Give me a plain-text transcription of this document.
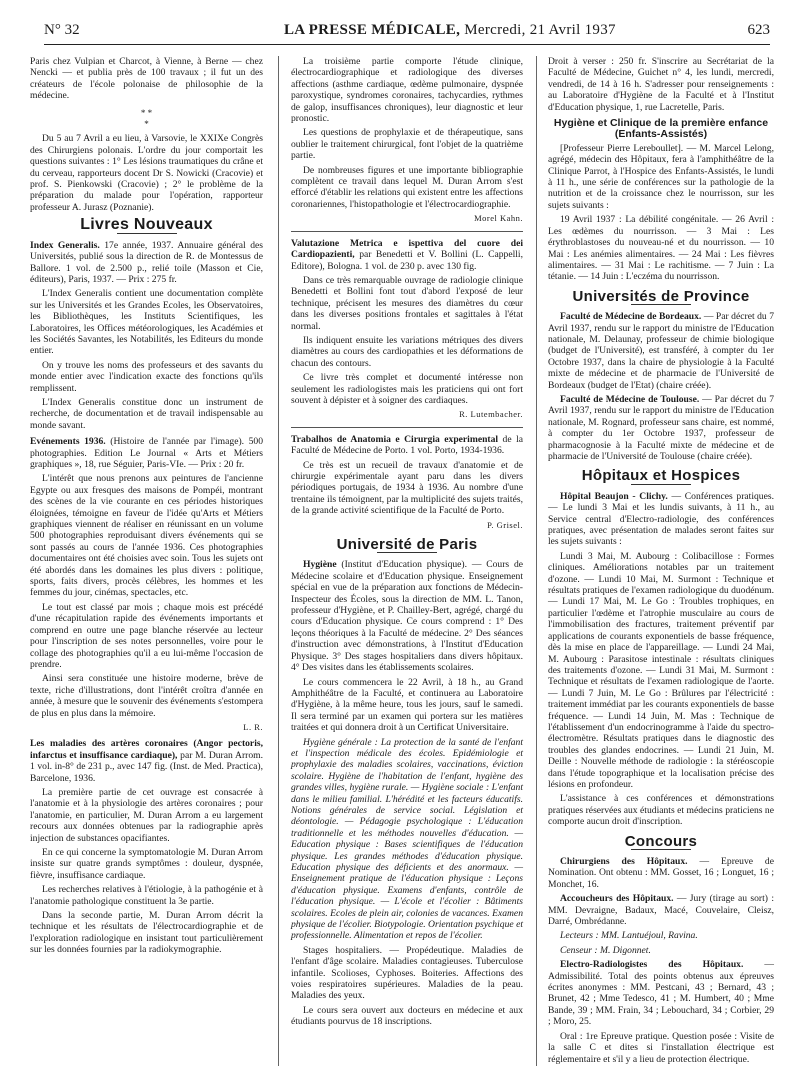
N° 32	LA PRESSE MÉDICALE, Mercredi, 21 Avril 1937	623

Paris chez Vulpian et Charcot, à Vienne, à Berne — chez Nencki — et publia près de 100 travaux ; il fut un des créateurs de l'école polonaise de philosophie de la médecine.

* *
*

Du 5 au 7 Avril a eu lieu, à Varsovie, le XXIXe Congrès des Chirurgiens polonais. L'ordre du jour comportait les questions suivantes : 1° Les lésions traumatiques du crâne et du cerveau, rapporteurs docent Dr S. Nowicki (Cracovie) et prof. S. Pienkowski (Cracovie) ; 2° le problème de la préparation du malade pour l'opération, rapporteur professeur A. Jurasz (Poznanie).

Livres Nouveaux

Index Generalis. 17e année, 1937. Annuaire général des Universités, publié sous la direction de R. de Montessus de Ballore. 1 vol. de 2.500 p., relié toile (Masson et Cie, éditeurs), Paris, 1937. — Prix : 275 fr.

L'Index Generalis contient une documentation complète sur les Universités et les Grandes Ecoles, les Observatoires, les Bibliothèques, les Instituts Scientifiques, les Laboratoires, les Offices météorologiques, les Académies et les Sociétés Savantes, les Notabilités, les Editeurs du monde entier.

On y trouve les noms des professeurs et des savants du monde entier avec l'indication exacte des fonctions qu'ils remplissent.

L'Index Generalis constitue donc un instrument de recherche, de documentation et de travail indispensable au monde savant.

Evénements 1936. (Histoire de l'année par l'image). 500 photographies. Edition Le Journal « Arts et Métiers graphiques », 18, rue Séguier, Paris-VIe. — Prix : 20 fr.

L'intérêt que nous prenons aux peintures de l'ancienne Egypte ou aux fresques des maisons de Pompéi, montrant des scènes de la vie courante en ces périodes historiques éloignées, témoigne en faveur de l'idée qu'Arts et Métiers graphiques viennent de réaliser en réunissant en un volume 500 photographies reproduisant divers événements qui se sont passés au cours de l'année 1936. Ces photographies documentaires ont été choisies avec soin. Tous les sujets ont été abordés dans les domaines les plus divers : politique, sports, faits divers, procès célèbres, les hommes et les femmes du jour, cinémas, spectacles, etc.

Le tout est classé par mois ; chaque mois est précédé d'une récapitulation rapide des événements importants et comprend en outre une page blanche réservée au lecteur pour l'inscription de ses notes personnelles, voire pour le collage des photographies qu'il a eu lui-même l'occasion de prendre.

Ainsi sera constituée une histoire moderne, brève de texte, riche d'illustrations, dont l'intérêt croîtra d'année en année, à mesure que le souvenir des événements s'estompera de plus en plus dans la mémoire.

L. R.

Les maladies des artères coronaires (Angor pectoris, infarctus et insuffisance cardiaque), par M. Duran Arrom. 1 vol. in-8° de 231 p., avec 147 fig. (Inst. de Med. Practica), Barcelone, 1936.

La première partie de cet ouvrage est consacrée à l'anatomie et à la physiologie des artères coronaires ; pour l'anatomie, en particulier, M. Duran Arrom a eu largement recours aux données obtenues par la radiographie après injection de substances opacifiantes.

En ce qui concerne la symptomatologie M. Duran Arrom insiste sur quatre grands symptômes : douleur, dyspnée, fièvre, insuffisance cardiaque.

Les recherches relatives à l'étiologie, à la pathogénie et à l'anatomie pathologique constituent la 3e partie.

Dans la seconde partie, M. Duran Arrom décrit la technique et les résultats de l'électrocardiographie et de l'exploration radiologique en insistant tout particulièrement sur les données fournies par la radiokymographie.

La troisième partie comporte l'étude clinique, électrocardiographique et radiologique des diverses affections (asthme cardiaque, œdème pulmonaire, dyspnée paroxystique, syndromes coronaires, tachycardies, rythmes de galop, insuffisances chroniques), leur diagnostic et leur pronostic.

Les questions de prophylaxie et de thérapeutique, sans oublier le traitement chirurgical, font l'objet de la quatrième partie.

De nombreuses figures et une importante bibliographie complètent ce travail dans lequel M. Duran Arrom s'est efforcé d'établir les relations qui existent entre les affections coronariennes, l'histopathologie et l'électrocardiographie.

Morel Kahn.

Valutazione Metrica e ispettiva del cuore dei Cardiopazienti, par Benedetti et V. Bollini (L. Cappelli, Editore), Bologna. 1 vol. de 230 p. avec 130 fig.

Dans ce très remarquable ouvrage de radiologie clinique Benedetti et Bollini font tout d'abord l'exposé de leur technique, précisent les mesures des diamètres du cœur dans les diverses positions frontales et sagittales à l'état normal.

Ils indiquent ensuite les variations métriques des divers diamètres au cours des cardiopathies et les déformations de chacun des contours.

Ce livre très complet et documenté intéresse non seulement les radiologistes mais les praticiens qui ont fort souvent à dépister et à soigner des cardiaques.

R. Lutembacher.

Trabalhos de Anatomia e Cirurgia experimental de la Faculté de Médecine de Porto. 1 vol. Porto, 1934-1936.

Ce très est un recueil de travaux d'anatomie et de chirurgie expérimentale ayant paru dans les divers périodiques portugais, de 1934 à 1936. Au nombre d'une trentaine ils témoignent, par la multiplicité des sujets traités, de la grande activité scientifique de la Faculté de Porto.

P. Grisel.
Université de Paris

Hygiène (Institut d'Education physique). — Cours de Médecine scolaire et d'Education physique. Enseignement spécial en vue de la préparation aux fonctions de Médecin-Inspecteur des Écoles, sous la direction de MM. L. Tanon, professeur d'Hygiène, et P. Chailley-Bert, agrégé, chargé du cours d'Education physique. Ce cours comprend : 1° Des leçons théoriques à la Faculté de médecine. 2° Des séances d'instruction avec démonstrations, à l'Institut d'Education Physique. 3° Des stages hospitaliers dans divers hôpitaux. 4° Des visites dans les établissements scolaires.

Le cours commencera le 22 Avril, à 18 h., au Grand Amphithéâtre de la Faculté, et continuera au Laboratoire d'Hygiène, à la même heure, tous les jours, sauf le samedi. Il sera terminé par un examen qui portera sur les matières traitées et qui donnera droit à un Certificat Universitaire.

Hygiène générale : La protection de la santé de l'enfant et l'inspection médicale des écoles. Epidémiologie et prophylaxie des maladies scolaires, vaccinations, éviction scolaire. Hygiène de l'habitation de l'enfant, hygiène des grandes villes, hygiène rurale. — Hygiène sociale : L'enfant dans le milieu familial. L'hérédité et les facteurs éducatifs. Notions générales de service social. Législation et déontologie. — Pédagogie psychologique : L'éducation traditionnelle et les méthodes nouvelles d'éducation. — Education physique : Bases scientifiques de l'éducation physique. Les grandes méthodes d'éducation physique. Education physique des déficients et des anormaux. — Enseignement pratique de l'éducation physique : Leçons d'éducation physique. Examens d'enfants, contrôle de l'éducation physique. — L'école et l'écolier : Bâtiments scolaires. Ecoles de plein air, colonies de vacances. Examen physique de l'écolier. Biotypologie. Orientation psychique et professionnelle. Alimentation et repos de l'écolier.

Stages hospitaliers. — Propédeutique. Maladies de l'enfant d'âge scolaire. Maladies contagieuses. Tuberculose infantile. Scolioses, Cyphoses. Boiteries. Affections des voies respiratoires supérieures. Maladies de la peau. Maladies des yeux.

Le cours sera ouvert aux docteurs en médecine et aux étudiants pourvus de 18 inscriptions.

Droit à verser : 250 fr. S'inscrire au Secrétariat de la Faculté de Médecine, Guichet n° 4, les lundi, mercredi, vendredi, de 14 à 16 h. S'adresser pour renseignements : au Laboratoire d'Hygiène de la Faculté et à l'Institut d'Education physique, 1, rue Lacretelle, Paris.

Hygiène et Clinique de la première enfance (Enfants-Assistés)

[Professeur Pierre Lereboullet]. — M. Marcel Lelong, agrégé, médecin des Hôpitaux, fera à l'amphithéâtre de la Clinique Parrot, à l'Hospice des Enfants-Assistés, le lundi à 11 h., une série de conférences sur la pathologie de la nutrition et de la croissance chez le nourrisson, sur les sujets suivants :

19 Avril 1937 : La débilité congénitale. — 26 Avril : Les œdèmes du nourrisson. — 3 Mai : Les érythroblastoses du nouveau-né et du nourrisson. — 10 Mai : Les anémies alimentaires. — 24 Mai : Les fièvres alimentaires. — 31 Mai : Le rachitisme. — 7 Juin : La tétanie. — 14 Juin : L'eczéma du nourrisson.

Universités de Province

Faculté de Médecine de Bordeaux. — Par décret du 7 Avril 1937, rendu sur le rapport du ministre de l'Education nationale, M. Delaunay, professeur de chimie biologique (budget de l'Université), est transféré, à compter du 1er Octobre 1937, dans la chaire de physiologie à la Faculté mixte de médecine et de pharmacie de l'Université de Bordeaux (budget de l'Etat) (chaire créée).

Faculté de Médecine de Toulouse. — Par décret du 7 Avril 1937, rendu sur le rapport du ministre de l'Education nationale, M. Rognard, professeur sans chaire, est nommé, à compter du 1er Octobre 1937, professeur de pharmacognosie à la Faculté mixte de médecine et de pharmacie de l'Université de Toulouse (chaire créée).

Hôpitaux et Hospices

Hôpital Beaujon - Clichy. — Conférences pratiques. — Le lundi 3 Mai et les lundis suivants, à 11 h., au Service central d'Electro-radiologie, des conférences pratiques, avec présentation de malades seront faites sur les sujets suivants :

Lundi 3 Mai, M. Aubourg : Colibacillose : Formes cliniques. Améliorations notables par un traitement d'ozone. — Lundi 10 Mai, M. Surmont : Technique et résultats pratiques de l'examen radiologique du duodénum. — Lundi 17 Mai, M. Le Go : Troubles trophiques, en particulier l'œdème et l'atrophie musculaire au cours de l'immobilisation des fractures, traitement préventif par applications de courants exponentiels de basse fréquence, dès la mise en place de l'appareillage. — Lundi 24 Mai, M. Aubourg : Parasitose intestinale : résultats cliniques des traitements d'ozone. — Lundi 31 Mai, M. Surmont : Technique et résultats de l'examen radiologique de l'aorte. — Lundi 7 Juin, M. Le Go : Brûlures par l'électricité : traitement immédiat par les courants exponentiels de basse fréquence. — Lundi 14 Juin, M. Mas : Technique de l'établissement d'un endocrinogramme à l'aide du spectro-électromètre. Résultats pratiques dans le diagnostic des troubles des glandes endocrines. — Lundi 21 Juin, M. Deille : Nouvelle méthode de radiologie : la stéréoscopie dans l'étude topographique et la localisation précise des lésions en profondeur.

L'assistance à ces conférences et démonstrations pratiques réservées aux étudiants et médecins praticiens ne comporte aucun droit d'inscription.

Concours

Chirurgiens des Hôpitaux. — Epreuve de Nomination. Ont obtenu : MM. Gosset, 16 ; Longuet, 16 ; Monchet, 16.

Accoucheurs des Hôpitaux. — Jury (tirage au sort) : MM. Devraigne, Badaux, Macé, Couvelaire, Cleisz, Darré, Ombrédanne.

Lecteurs : MM. Lantuéjoul, Ravina.

Censeur : M. Digonnet.

Electro-Radiologistes des Hôpitaux. — Admissibilité. Total des points obtenus aux épreuves écrites anonymes : MM. Pestcani, 43 ; Bernard, 43 ; Brunet, 42 ; Mme Tedesco, 41 ; M. Humbert, 40 ; Mme Bande, 39 ; MM. Frain, 34 ; Lebouchard, 34 ; Corbier, 29 ; Moro, 25.

Oral : 1re Epreuve pratique. Question posée : Visite de la salle C et dites si l'installation électrique est réglementaire et s'il y a lieu de protection électrique.
